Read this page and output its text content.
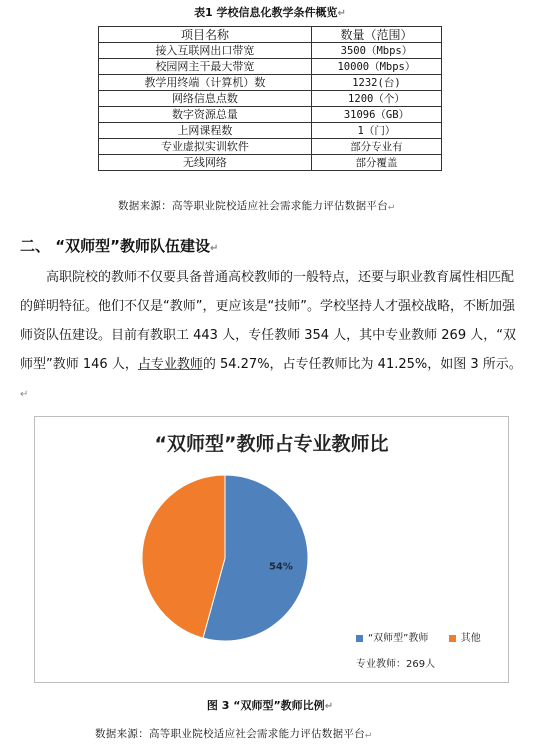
表1 学校信息化教学条件概览↵
项目名称	数量（范围）
接入互联网出口带宽	3500（Mbps）
校园网主干最大带宽	10000（Mbps）
教学用终端（计算机）数	1232(台)
网络信息点数	1200（个）
数字资源总量	31096（GB）
上网课程数	1（门）
专业虚拟实训软件	部分专业有
无线网络	部分覆盖
数据来源：高等职业院校适应社会需求能力评估数据平台↵
二、 “双师型”教师队伍建设↵
高职院校的教师不仅要具备普通高校教师的一般特点，还要与职业教育属性相匹配的鲜明特征。他们不仅是“教师”，更应该是“技师”。学校坚持人才强校战略，不断加强师资队伍建设。目前有教职工 443 人，专任教师 354 人，其中专业教师 269 人，“双师型”教师 146 人，占专业教师的 54.27%，占专任教师比为 41.25%，如图 3 所示。↵
“双师型”教师占专业教师比
54%
“双师型”教师	其他
专业教师：269人
图 3 “双师型”教师比例↵
数据来源：高等职业院校适应社会需求能力评估数据平台↵
